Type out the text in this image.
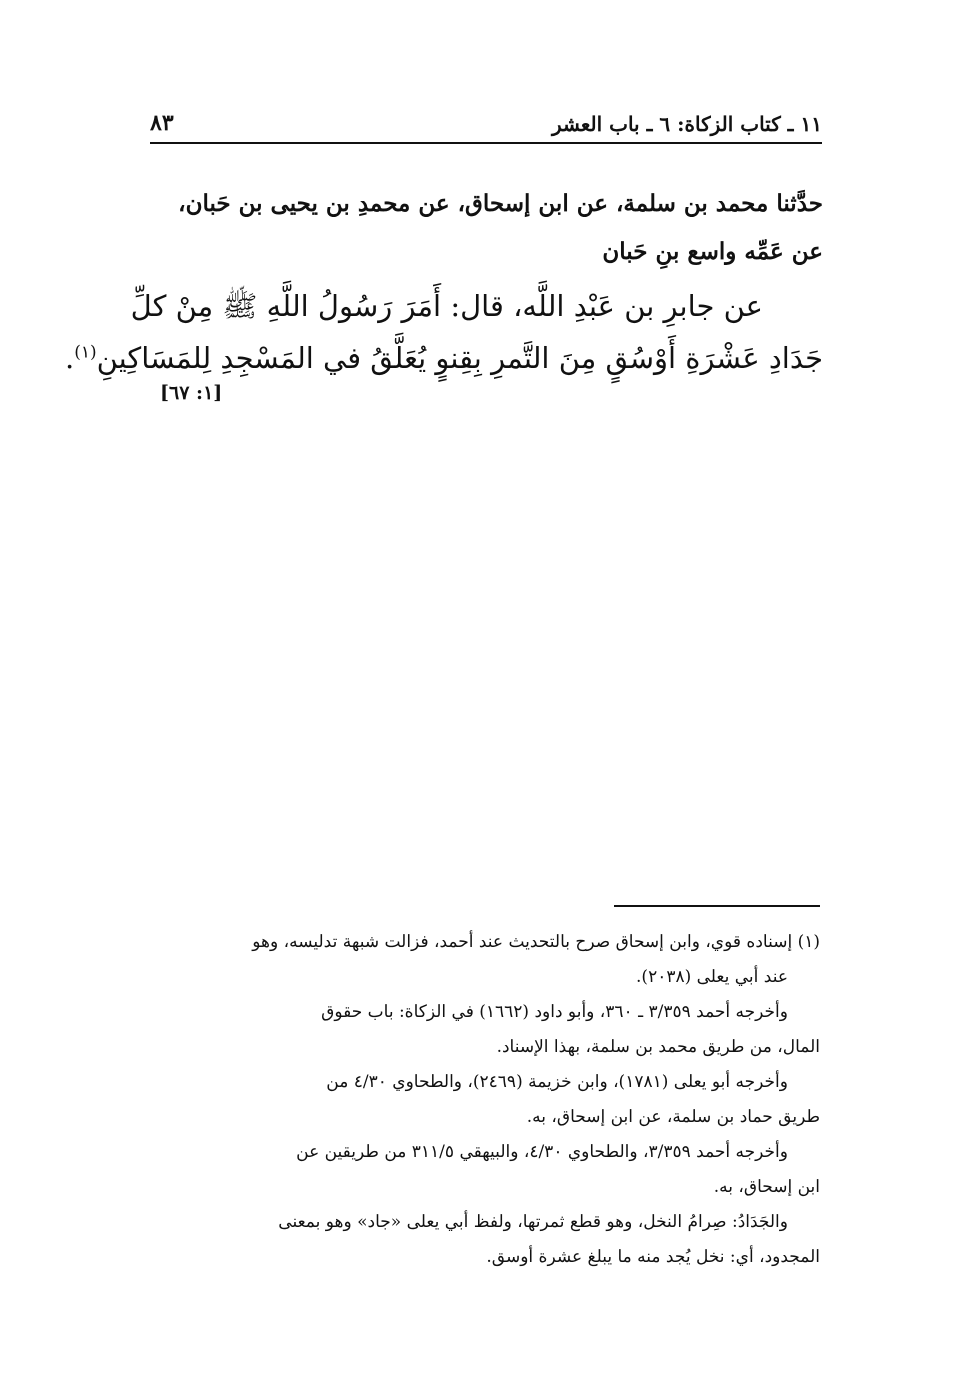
١١ ـ كتاب الزكاة: ٦ ـ باب العشر
٨٣
حدَّثنا محمد بن سلمة، عن ابن إسحاق، عن محمدِ بن يحيى بن حَبان،
عن عَمِّه واسع بنِ حَبان
عن جابرِ بن عَبْدِ اللَّه، قال: أَمَرَ رَسُولُ اللَّهِ ﷺ مِنْ كلِّ
جَدَادِ عَشْرَةِ أَوْسُقٍ مِنَ التَّمرِ بِقِنوٍ يُعَلَّقُ في المَسْجِدِ لِلمَسَاكِينِ$^{(١)}$.
[١: ٦٧]
(١) إسناده قوي، وابن إسحاق صرح بالتحديث عند أحمد، فزالت شبهة تدليسه، وهو
عند أبي يعلى (٢٠٣٨).
وأخرجه أحمد ٣/٣٥٩ ـ ٣٦٠، وأبو داود (١٦٦٢) في الزكاة: باب حقوق
المال، من طريق محمد بن سلمة، بهذا الإسناد.
وأخرجه أبو يعلى (١٧٨١)، وابن خزيمة (٢٤٦٩)، والطحاوي ٤/٣٠ من
طريق حماد بن سلمة، عن ابن إسحاق، به.
وأخرجه أحمد ٣/٣٥٩، والطحاوي ٤/٣٠، والبيهقي ٣١١/٥ من طريقين عن
ابن إسحاق، به.
والجَدَادُ: صِرامُ النخل، وهو قطع ثمرتها، ولفظ أبي يعلى «جاد» وهو بمعنى
المجدود، أي: نخل يُجد منه ما يبلغ عشرة أوسق.
